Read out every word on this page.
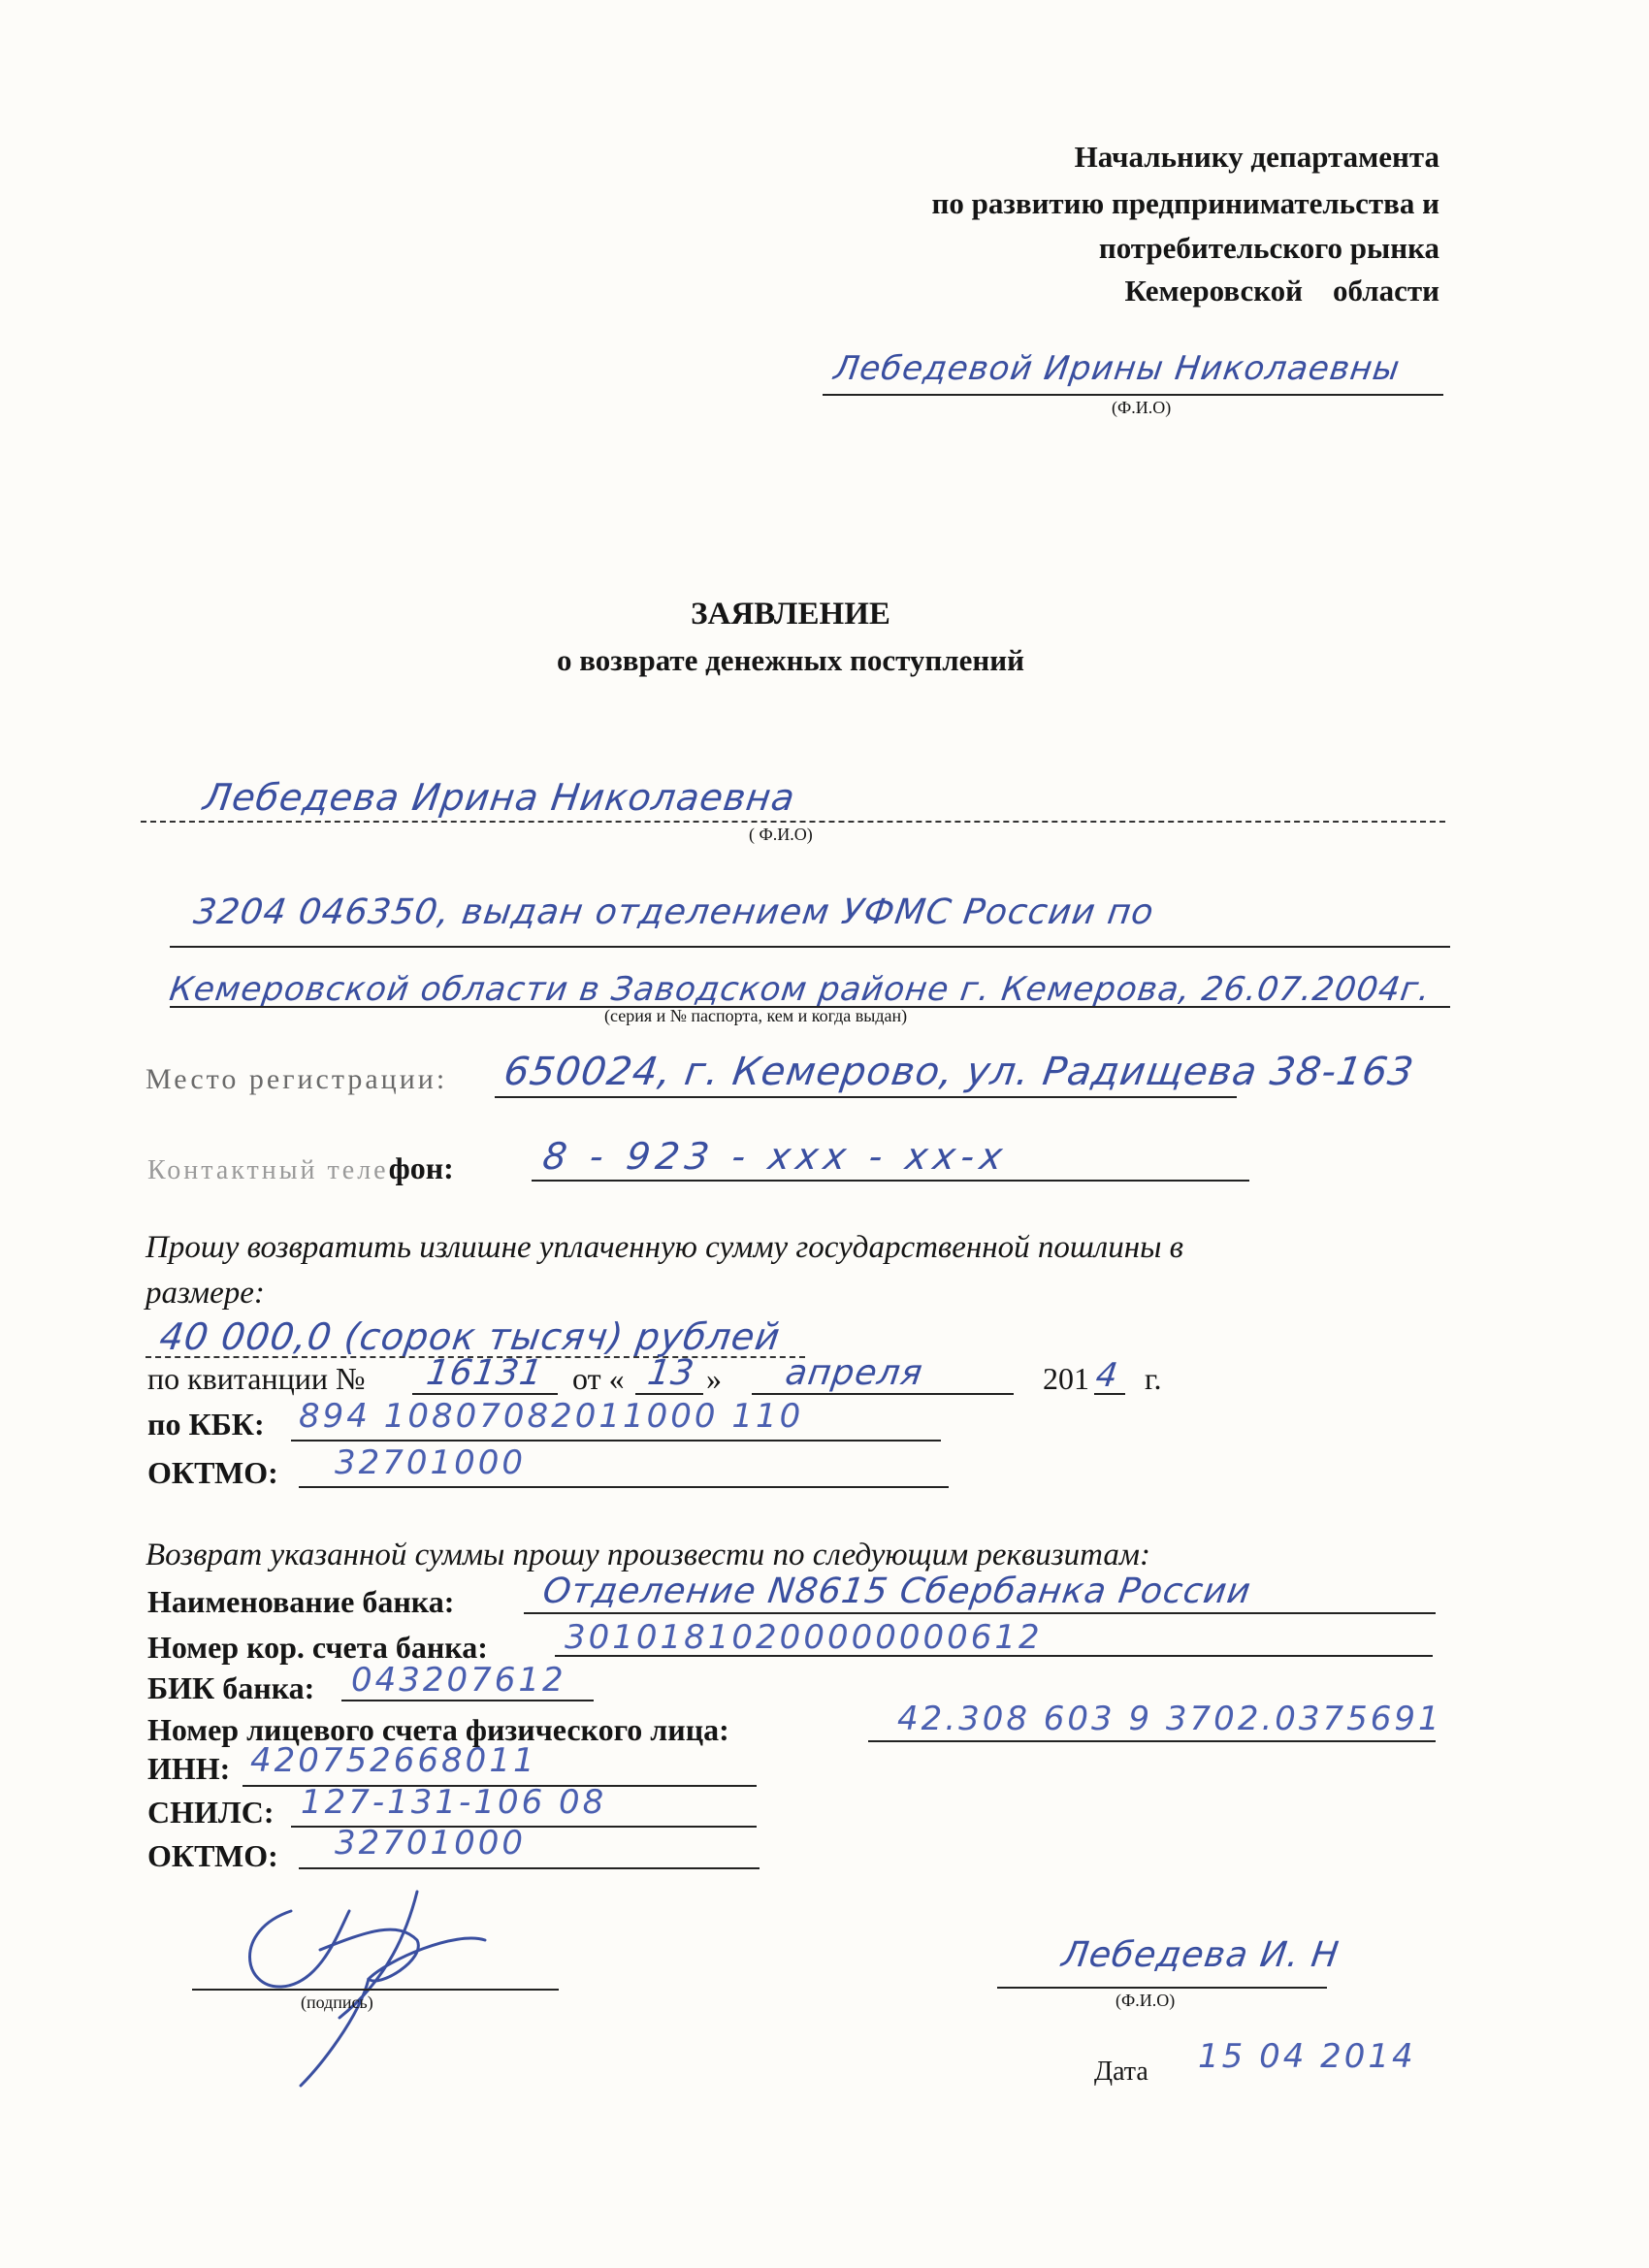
Начальнику департамента
по развитию предпринимательства и
потребительского рынка
Кемеровской    области
Лебедевой Ирины Николаевны
(Ф.И.О)
ЗАЯВЛЕНИЕ
о возврате денежных поступлений
Лебедева Ирина Николаевна
( Ф.И.О)
3204 046350, выдан отделением УФМС России по
Кемеровской области в Заводском районе г. Кемерова, 26.07.2004г.
(серия и № паспорта, кем и когда выдан)
Место регистрации: 650024, г. Кемерово, ул. Радищева 38-163
Контактный телефон: 8 - 923 - xxx - xx-x
Прошу возвратить излишне уплаченную сумму государственной пошлины в
размере:
40 000,0 (сорок тысяч) рублей
по квитанции № 16131 от « 13 » апреля	201 4 г.
по КБК: 894 10807082011000 110
ОКТМО: 32701000
Возврат указанной суммы прошу произвести по следующим реквизитам:
Наименование банка: Отделение N8615 Сбербанка России
Номер кор. счета банка: 30101810200000000612
БИК банка: 043207612
Номер лицевого счета физического лица:	42.308 603 9 3702.0375691
ИНН: 420752668011
СНИЛС: 127-131-106 08
ОКТМО: 32701000
(подпись)
Лебедева И. Н
(Ф.И.О)
Дата 15 04 2014
